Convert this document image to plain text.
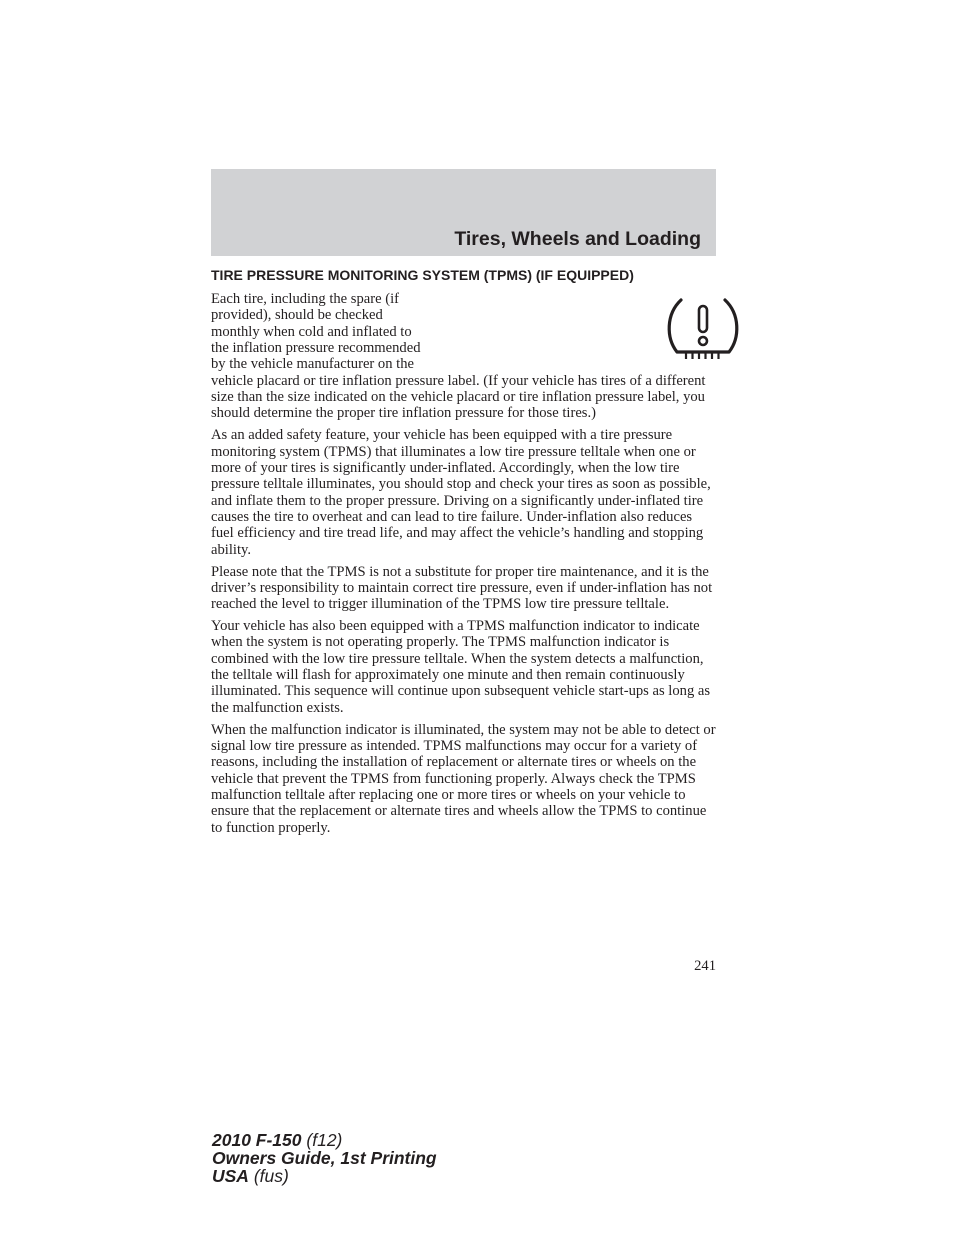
Tires, Wheels and Loading
TIRE PRESSURE MONITORING SYSTEM (TPMS) (IF EQUIPPED)

Each tire, including the spare (if
provided), should be checked
monthly when cold and inflated to
the inflation pressure recommended
by the vehicle manufacturer on the
vehicle placard or tire inflation pressure label. (If your vehicle has tires of a different size than the size indicated on the vehicle placard or tire inflation pressure label, you should determine the proper tire inflation pressure for those tires.)

As an added safety feature, your vehicle has been equipped with a tire pressure monitoring system (TPMS) that illuminates a low tire pressure telltale when one or more of your tires is significantly under-inflated. Accordingly, when the low tire pressure telltale illuminates, you should stop and check your tires as soon as possible, and inflate them to the proper pressure. Driving on a significantly under-inflated tire causes the tire to overheat and can lead to tire failure. Under-inflation also reduces fuel efficiency and tire tread life, and may affect the vehicle’s handling and stopping ability.

Please note that the TPMS is not a substitute for proper tire maintenance, and it is the driver’s responsibility to maintain correct tire pressure, even if under-inflation has not reached the level to trigger illumination of the TPMS low tire pressure telltale.

Your vehicle has also been equipped with a TPMS malfunction indicator to indicate when the system is not operating properly. The TPMS malfunction indicator is combined with the low tire pressure telltale. When the system detects a malfunction, the telltale will flash for approximately one minute and then remain continuously illuminated. This sequence will continue upon subsequent vehicle start-ups as long as the malfunction exists.

When the malfunction indicator is illuminated, the system may not be able to detect or signal low tire pressure as intended. TPMS malfunctions may occur for a variety of reasons, including the installation of replacement or alternate tires or wheels on the vehicle that prevent the TPMS from functioning properly. Always check the TPMS malfunction telltale after replacing one or more tires or wheels on your vehicle to ensure that the replacement or alternate tires and wheels allow the TPMS to continue to function properly.

241
2010 F-150 (f12)
Owners Guide, 1st Printing
USA (fus)
